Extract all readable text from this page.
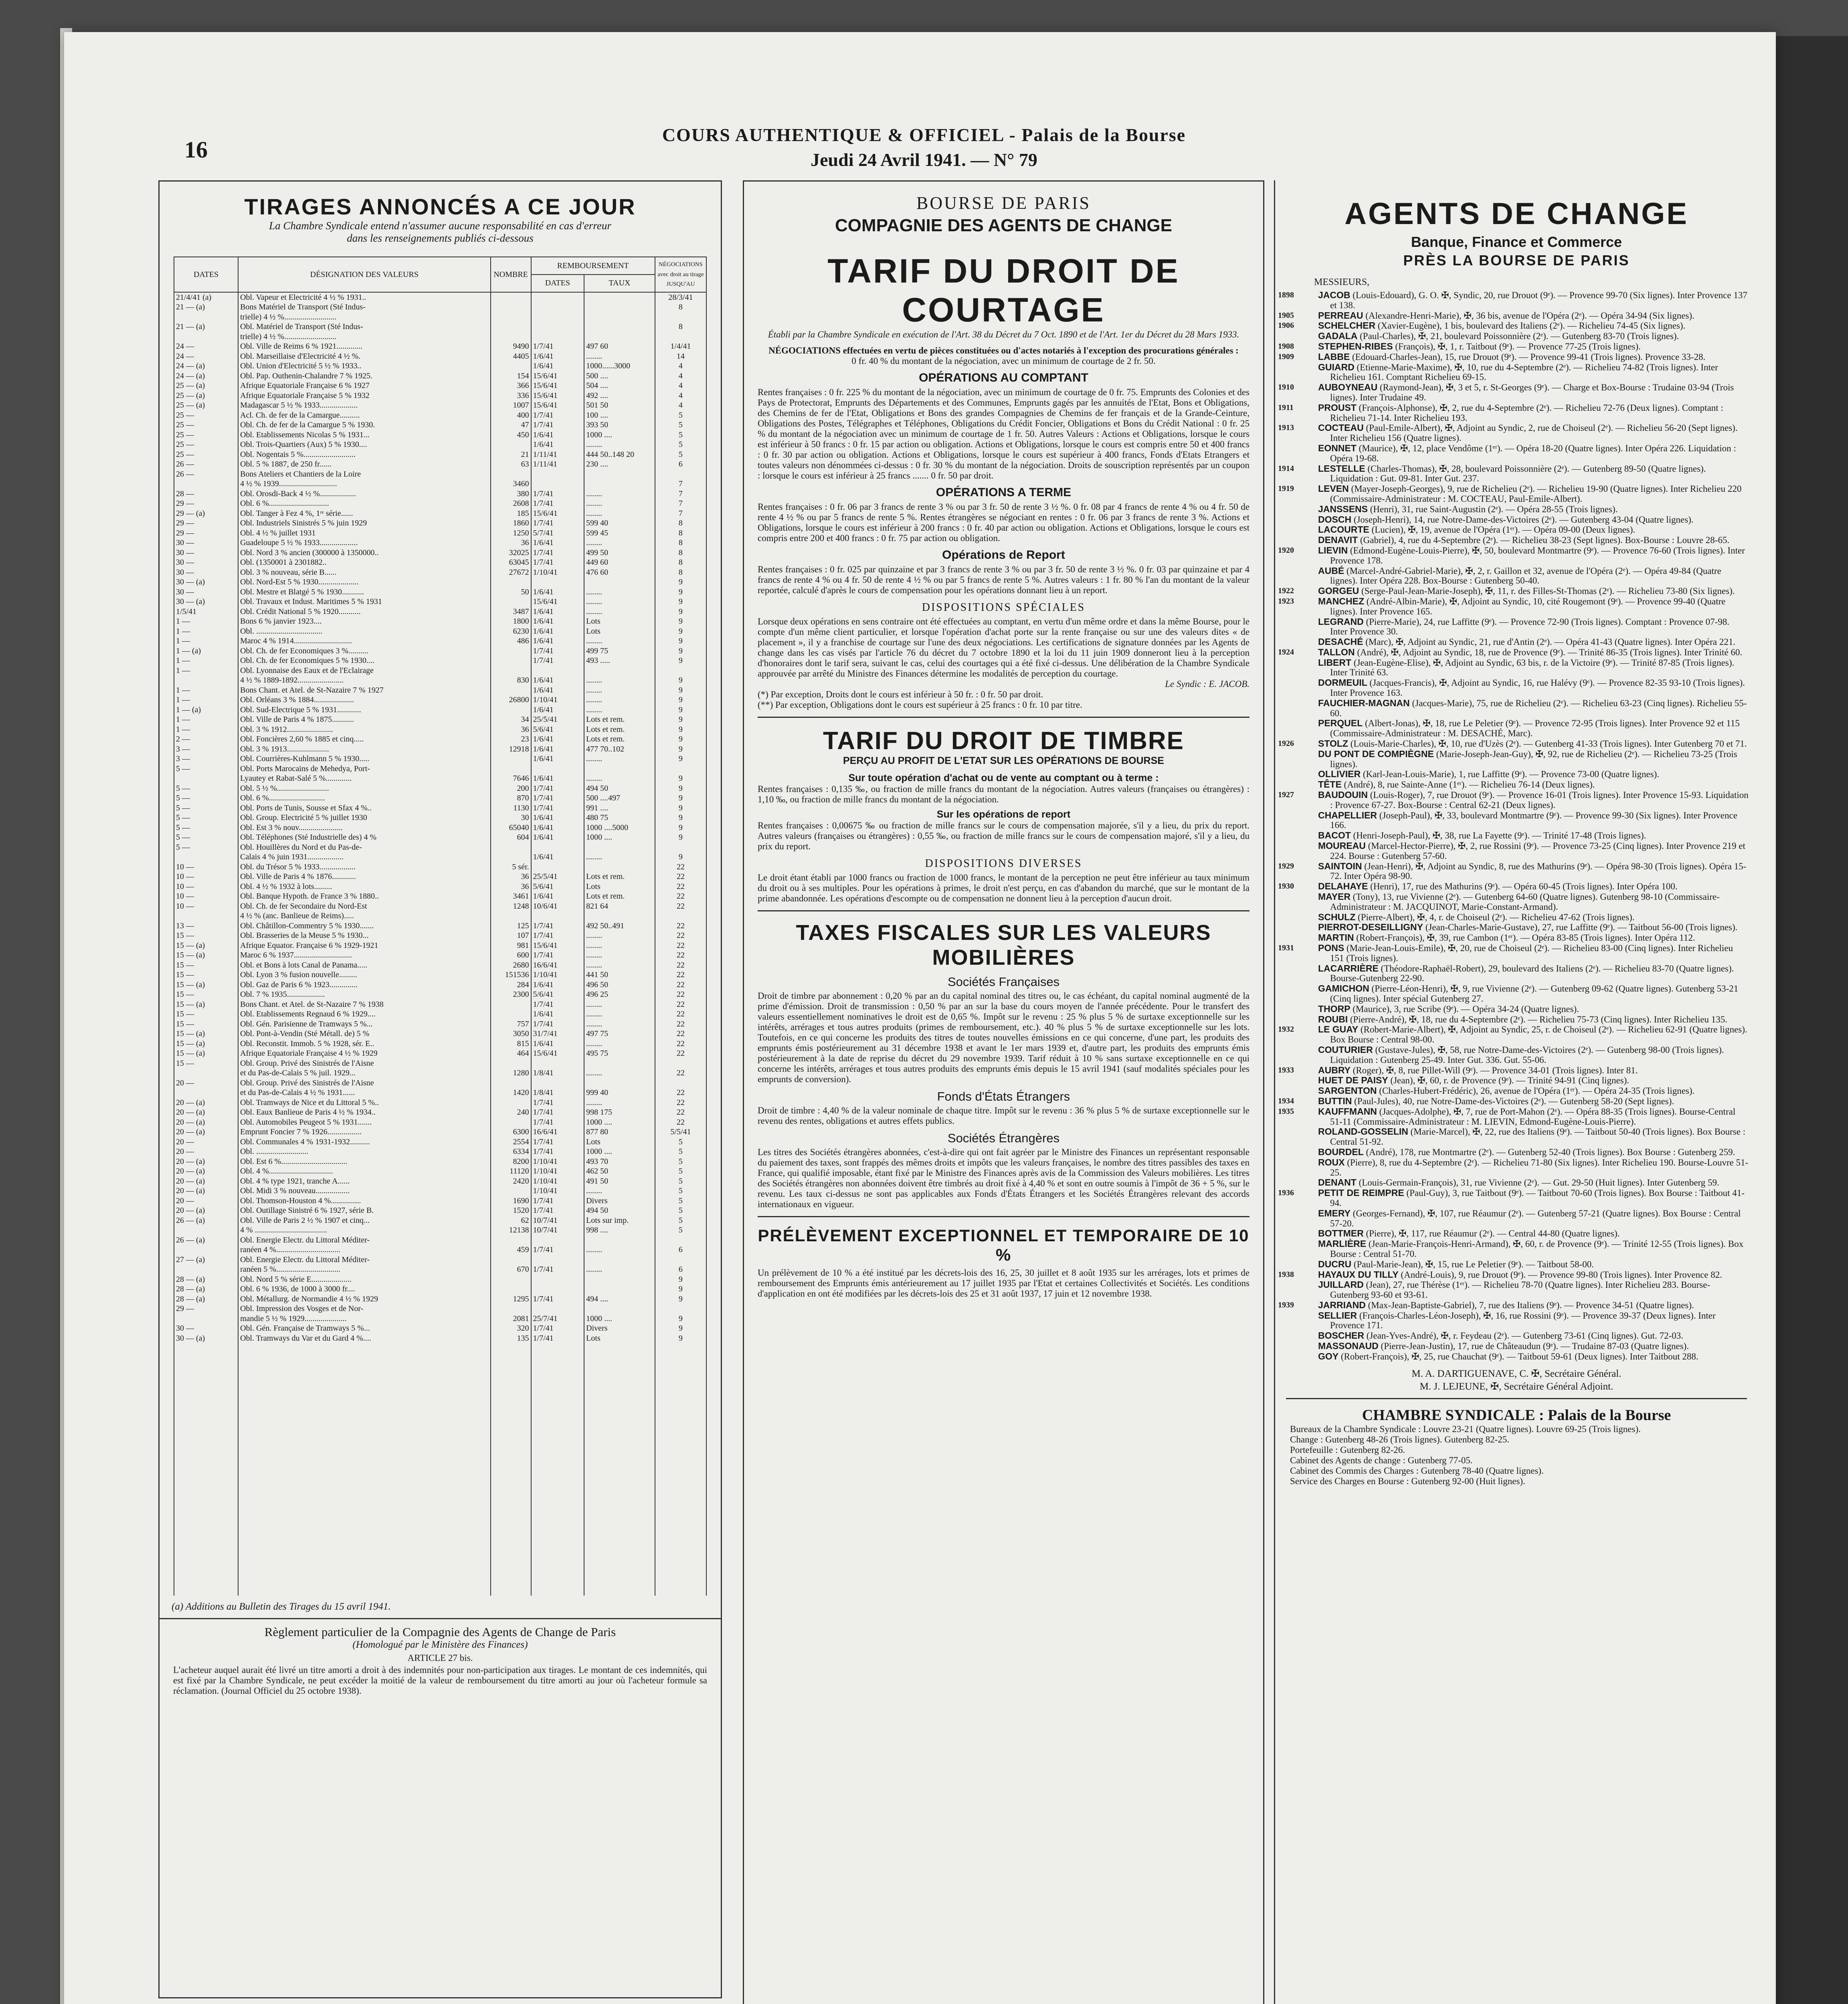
16
COURS AUTHENTIQUE & OFFICIEL - Palais de la Bourse
Jeudi 24 Avril 1941. — N° 79
TIRAGES ANNONCÉS A CE JOUR
La Chambre Syndicale entend n'assumer aucune responsabilité en cas d'erreur
dans les renseignements publiés ci-dessous
DATES	DÉSIGNATION DES VALEURS	NOMBRE	REMBOURSEMENT		NÉGOCIATIONS avec droit au tirage JUSQU'AU
			DATES	TAUX	
21/4/41 (a)	Obl. Vapeur et Electricité 4 ½ % 1931..				28/3/41
21 — (a)	Bons Matériel de Transport (Sté Indus-				8
	trielle) 4 ½ %..........................				
21 — (a)	Obl. Matériel de Transport (Sté Indus-				8
	trielle) 4 ½ %..........................				
24 —	Obl. Ville de Reims 6 % 1921.............	9490	1/7/41	497 60	1/4/41
24 —	Obl. Marseillaise d'Electricité 4 ½ %.	4405	1/6/41	........	14
24 — (a)	Obl. Union d'Electricité 5 ½ % 1933..		1/6/41	1000......3000	4
24 — (a)	Obl. Pap. Outhenin-Chalandre 7 % 1925.	154	15/6/41	500 ....	4
25 — (a)	Afrique Equatoriale Française 6 % 1927	366	15/6/41	504 ....	4
25 — (a)	Afrique Equatoriale Française 5 % 1932	336	15/6/41	492 ....	4
25 — (a)	Madagascar 5 ½ % 1933...................	1007	15/6/41	501 50	4
25 —	Acl. Ch. de fer de la Camargue..........	400	1/7/41	100 ....	5
25 —	Obl. Ch. de fer de la Camargue 5 % 1930.	47	1/7/41	393 50	5
25 —	Obl. Etablissements Nicolas 5 % 1931...	450	1/6/41	1000 ....	5
25 —	Obl. Trois-Quartiers (Aux) 5 % 1930....		1/6/41	........	5
25 —	Obl. Nogentais 5 %..........................	21	1/11/41	444 50..148 20	5
26 —	Obl. 5 % 1887, de 250 fr......	63	1/11/41	230 ....	6
26 —	Bons Ateliers et Chantiers de la Loire				
	4 ½ % 1939.............................	3460			7
28 —	Obl. Orosdi-Back 4 ½ %..................	380	1/7/41	........	7
29 —	Obl. 6 %..............................	2608	1/7/41	........	7
29 — (a)	Obl. Tanger à Fez 4 %, 1ʳᵉ série......	185	15/6/41	........	7
29 —	Obl. Industriels Sinistrés 5 % juin 1929	1860	1/7/41	599 40	8
29 —	Obl. 4 ½ % juillet 1931	1250	5/7/41	599 45	8
30 —	Guadeloupe 5 ½ % 1933...................	36	1/6/41	........	8
30 —	Obl. Nord 3 % ancien (300000 à 1350000..	32025	1/7/41	499 50	8
30 —	Obl. (1350001 à 2301882..	63045	1/7/41	449 60	8
30 —	Obl. 3 % nouveau, série B......	27672	1/10/41	476 60	8
30 — (a)	Obl. Nord-Est 5 % 1930....................				9
30 —	Obl. Mestre et Blatgé 5 % 1930...........	50	1/6/41	........	9
30 — (a)	Obl. Travaux et Indust. Maritimes 5 % 1931		15/6/41	........	9
1/5/41	Obl. Crédit National 5 % 1920...........	3487	1/6/41	........	9
1 —	Bons 6 % janvier 1923....	1800	1/6/41	Lots	9
1 —	Obl. .................................	6230	1/6/41	Lots	9
1 —	Maroc 4 % 1914.............................	486	1/6/41	........	9
1 — (a)	Obl. Ch. de fer Economiques 3 %..........		1/7/41	499 75	9
1 —	Obl. Ch. de fer Economiques 5 % 1930....		1/7/41	493 .....	9
1 —	Obl. Lyonnaise des Eaux et de l'Eclairage				
	4 ½ % 1889-1892.......................	830	1/6/41	........	9
1 —	Bons Chant. et Atel. de St-Nazaire 7 % 1927		1/6/41	........	9
1 —	Obl. Orléans 3 % 1884....................	26800	1/10/41	........	9
1 — (a)	Obl. Sud-Electrique 5 % 1931............		1/6/41	........	9
1 —	Obl. Ville de Paris 4 % 1875...........	34	25/5/41	Lots et rem.	9
1 —	Obl. 3 % 1912.......................	36	5/6/41	Lots et rem.	9
2 —	Obl. Foncières 2,60 % 1885 et cinq.....	23	1/6/41	Lots et rem.	9
3 —	Obl. 3 % 1913.....................	12918	1/6/41	477 70..102	9
3 —	Obl. Courrières-Kuhlmann 5 % 1930.....		1/6/41	........	9
5 —	Obl. Ports Marocains de Mehedya, Port-				
	Lyautey et Rabat-Salé 5 %.............	7646	1/6/41	........	9
5 —	Obl. 5 ½ %..........................	200	1/7/41	494 50	9
5 —	Obl. 6 %............................	870	1/7/41	500 ....497	9
5 —	Obl. Ports de Tunis, Sousse et Sfax 4 %..	1130	1/7/41	991 ....	9
5 —	Obl. Group. Electricité 5 % juillet 1930	30	1/6/41	480 75	9
5 —	Obl. Est 3 % nouv......................	65040	1/6/41	1000 ....5000	9
5 —	Obl. Téléphones (Sté Industrielle des) 4 %	604	1/6/41	1000 ....	9
5 —	Obl. Houillères du Nord et du Pas-de-				
	Calais 4 % juin 1931..................		1/6/41	........	9
10 —	Obl. du Trésor 5 % 1933..................	5 sér.			22
10 —	Obl. Ville de Paris 4 % 1876............	36	25/5/41	Lots et rem.	22
10 —	Obl. 4 ½ % 1932 à lots.........	36	5/6/41	Lots	22
10 —	Obl. Banque Hypoth. de France 3 % 1880..	3461	1/6/41	Lots et rem.	22
10 —	Obl. Ch. de fer Secondaire du Nord-Est	1248	10/6/41	821 64	22
	4 ½ % (anc. Banlieue de Reims).....				
13 —	Obl. Châtillon-Commentry 5 % 1930.......	125	1/7/41	492 50..491	22
15 —	Obl. Brasseries de la Meuse 5 % 1930...	107	1/7/41	........	22
15 — (a)	Afrique Equator. Française 6 % 1929-1921	981	15/6/41	........	22
15 — (a)	Maroc 6 % 1937.............................	600	1/7/41	........	22
15 —	Obl. et Bons à lots Canal de Panama.....	2680	16/6/41	........	22
15 —	Obl. Lyon 3 % fusion nouvelle.........	151536	1/10/41	441 50	22
15 — (a)	Obl. Gaz de Paris 6 % 1923..............	284	1/6/41	496 50	22
15 —	Obl. 7 % 1935...................	2300	5/6/41	496 25	22
15 — (a)	Bons Chant. et Atel. de St-Nazaire 7 % 1938		1/7/41	........	22
15 —	Obl. Etablissements Regnaud 6 % 1929....		1/6/41	........	22
15 —	Obl. Gén. Parisienne de Tramways 5 %...	757	1/7/41	........	22
15 — (a)	Obl. Pont-à-Vendin (Sté Métall. de) 5 %	3050	31/7/41	497 75	22
15 — (a)	Obl. Reconstit. Immob. 5 % 1928, sér. E..	815	1/6/41	........	22
15 — (a)	Afrique Equatoriale Française 4 ½ % 1929	464	15/6/41	495 75	22
15 —	Obl. Group. Privé des Sinistrés de l'Aisne				
	et du Pas-de-Calais 5 % juil. 1929...	1280	1/8/41	........	22
20 —	Obl. Group. Privé des Sinistrés de l'Aisne				
	et du Pas-de-Calais 4 ½ % 1931......	1420	1/8/41	999 40	22
20 — (a)	Obl. Tramways de Nice et du Littoral 5 %..		1/7/41	........	22
20 — (a)	Obl. Eaux Banlieue de Paris 4 ½ % 1934..	240	1/7/41	998 175	22
20 — (a)	Obl. Automobiles Peugeot 5 % 1931.......		1/7/41	1000 ....	22
20 — (a)	Emprunt Foncier 7 % 1926.................	6300	16/6/41	877 80	5/5/41
20 —	Obl. Communales 4 % 1931-1932..........	2554	1/7/41	Lots	5
20 —	Obl. ..........................	6334	1/7/41	1000 ....	5
20 — (a)	Obl. Est 6 %.................................	8200	1/10/41	493 70	5
20 — (a)	Obl. 4 %................................	11120	1/10/41	462 50	5
20 — (a)	Obl. 4 % type 1921, tranche A......	2420	1/10/41	491 50	5
20 — (a)	Obl. Midi 3 % nouveau.................		1/10/41	........	5
20 —	Obl. Thomson-Houston 4 %...............	1690	1/7/41	Divers	5
20 — (a)	Obl. Outillage Sinistré 6 % 1927, série B.	1520	1/7/41	494 50	5
26 — (a)	Obl. Ville de Paris 2 ½ % 1907 et cinq...	62	10/7/41	Lots sur imp.	5
	4 % ....................................	12138	10/7/41	998 ....	5
26 — (a)	Obl. Energie Electr. du Littoral Méditer-				
	ranéen 4 %................................	459	1/7/41	........	6
27 — (a)	Obl. Energie Electr. du Littoral Méditer-				
	ranéen 5 %................................	670	1/7/41	........	6
28 — (a)	Obl. Nord 5 % série E....................				9
28 — (a)	Obl. 6 % 1936, de 1000 à 3000 fr....				9
28 — (a)	Obl. Métallurg. de Normandie 4 ½ % 1929	1295	1/7/41	494 ....	9
29 —	Obl. Impression des Vosges et de Nor-				
	mandie 5 ½ % 1929.....................	2081	25/7/41	1000 ....	9
30 —	Obl. Gén. Française de Tramways 5 %...	320	1/7/41	Divers	9
30 — (a)	Obl. Tramways du Var et du Gard 4 %....	135	1/7/41	Lots	9

(a) Additions au Bulletin des Tirages du 15 avril 1941.
Règlement particulier de la Compagnie des Agents de Change de Paris
(Homologué par le Ministère des Finances)
ARTICLE 27 bis.
L'acheteur auquel aurait été livré un titre amorti a droit à des indemnités pour non-participation aux tirages. Le montant de ces indemnités, qui est fixé par la Chambre Syndicale, ne peut excéder la moitié de la valeur de remboursement du titre amorti au jour où l'acheteur formule sa réclamation. (Journal Officiel du 25 octobre 1938).
BOURSE DE PARIS
COMPAGNIE DES AGENTS DE CHANGE
TARIF DU DROIT DE COURTAGE
Établi par la Chambre Syndicale en exécution de l'Art. 38 du Décret du 7 Oct. 1890 et de l'Art. 1er du Décret du 28 Mars 1933.
NÉGOCIATIONS effectuées en vertu de pièces constituées ou d'actes notariés à l'exception des procurations générales :
0 fr. 40 % du montant de la négociation, avec un minimum de courtage de 2 fr. 50.
OPÉRATIONS AU COMPTANT
Rentes françaises : 0 fr. 225 % du montant de la négociation, avec un minimum de courtage de 0 fr. 75. Emprunts des Colonies et des Pays de Protectorat, Emprunts des Départements et des Communes, Emprunts gagés par les annuités de l'Etat, Bons et Obligations, des Chemins de fer de l'Etat, Obligations et Bons des grandes Compagnies de Chemins de fer français et de la Grande-Ceinture, Obligations des Postes, Télégraphes et Téléphones, Obligations du Crédit Foncier, Obligations et Bons du Crédit National : 0 fr. 25 % du montant de la négociation avec un minimum de courtage de 1 fr. 50. Autres Valeurs : Actions et Obligations, lorsque le cours est inférieur à 50 francs : 0 fr. 15 par action ou obligation. Actions et Obligations, lorsque le cours est compris entre 50 et 400 francs : 0 fr. 30 par action ou obligation. Actions et Obligations, lorsque le cours est supérieur à 400 francs, Fonds d'Etats Etrangers et toutes valeurs non dénommées ci-dessus : 0 fr. 30 % du montant de la négociation. Droits de souscription représentés par un coupon : lorsque le cours est inférieur à 25 francs ....... 0 fr. 50 par droit.
OPÉRATIONS A TERME
Rentes françaises : 0 fr. 06 par 3 francs de rente 3 % ou par 3 fr. 50 de rente 3 ½ %. 0 fr. 08 par 4 francs de rente 4 % ou 4 fr. 50 de rente 4 ½ % ou par 5 francs de rente 5 %. Rentes étrangères se négociant en rentes : 0 fr. 06 par 3 francs de rente 3 %. Actions et Obligations, lorsque le cours est inférieur à 200 francs : 0 fr. 40 par action ou obligation. Actions et Obligations, lorsque le cours est compris entre 200 et 400 francs : 0 fr. 75 par action ou obligation.
Opérations de Report
Rentes françaises : 0 fr. 025 par quinzaine et par 3 francs de rente 3 % ou par 3 fr. 50 de rente 3 ½ %. 0 fr. 03 par quinzaine et par 4 francs de rente 4 % ou 4 fr. 50 de rente 4 ½ % ou par 5 francs de rente 5 %. Autres valeurs : 1 fr. 80 % l'an du montant de la valeur reportée, calculé d'après le cours de compensation pour les opérations donnant lieu à un report.
DISPOSITIONS SPÉCIALES
Lorsque deux opérations en sens contraire ont été effectuées au comptant, en vertu d'un même ordre et dans la même Bourse, pour le compte d'un même client particulier, et lorsque l'opération d'achat porte sur la rente française ou sur une des valeurs dites « de placement », il y a franchise de courtage sur l'une des deux négociations. Les certifications de signature données par les Agents de change dans les cas visés par l'article 76 du décret du 7 octobre 1890 et la loi du 11 juin 1909 donneront lieu à la perception d'honoraires dont le tarif sera, suivant le cas, celui des courtages qui a été fixé ci-dessus. Une délibération de la Chambre Syndicale approuvée par arrêté du Ministre des Finances détermine les modalités de perception du courtage.
Le Syndic : E. JACOB.
(*) Par exception, Droits dont le cours est inférieur à 50 fr. : 0 fr. 50 par droit.
(**) Par exception, Obligations dont le cours est supérieur à 25 francs : 0 fr. 10 par titre.
TARIF DU DROIT DE TIMBRE
PERÇU AU PROFIT DE L'ETAT SUR LES OPÉRATIONS DE BOURSE
Sur toute opération d'achat ou de vente au comptant ou à terme :
Rentes françaises : 0,135 ‰, ou fraction de mille francs du montant de la négociation. Autres valeurs (françaises ou étrangères) : 1,10 ‰, ou fraction de mille francs du montant de la négociation.
Sur les opérations de report
Rentes françaises : 0,00675 ‰ ou fraction de mille francs sur le cours de compensation majorée, s'il y a lieu, du prix du report. Autres valeurs (françaises ou étrangères) : 0,55 ‰, ou fraction de mille francs sur le cours de compensation majoré, s'il y a lieu, du prix du report.
DISPOSITIONS DIVERSES
Le droit étant établi par 1000 francs ou fraction de 1000 francs, le montant de la perception ne peut être inférieur au taux minimum du droit ou à ses multiples. Pour les opérations à primes, le droit n'est perçu, en cas d'abandon du marché, que sur le montant de la prime abandonnée. Les opérations d'escompte ou de compensation ne donnent lieu à la perception d'aucun droit.
TAXES FISCALES SUR LES VALEURS MOBILIÈRES
Sociétés Françaises
Droit de timbre par abonnement : 0,20 % par an du capital nominal des titres ou, le cas échéant, du capital nominal augmenté de la prime d'émission. Droit de transmission : 0,50 % par an sur la base du cours moyen de l'année précédente. Pour le transfert des valeurs essentiellement nominatives le droit est de 0,65 %. Impôt sur le revenu : 25 % plus 5 % de surtaxe exceptionnelle sur les intérêts, arrérages et tous autres produits (primes de remboursement, etc.). 40 % plus 5 % de surtaxe exceptionnelle sur les lots. Toutefois, en ce qui concerne les produits des titres de toutes nouvelles émissions en ce qui concerne, d'une part, les produits des emprunts émis postérieurement au 31 décembre 1938 et avant le 1er mars 1939 et, d'autre part, les produits des emprunts émis postérieurement à la date de reprise du décret du 29 novembre 1939. Tarif réduit à 10 % sans surtaxe exceptionnelle en ce qui concerne les intérêts, arrérages et tous autres produits des emprunts émis depuis le 15 avril 1941 (sauf modalités spéciales pour les emprunts de conversion).
Fonds d'États Étrangers
Droit de timbre : 4,40 % de la valeur nominale de chaque titre. Impôt sur le revenu : 36 % plus 5 % de surtaxe exceptionnelle sur le revenu des rentes, obligations et autres effets publics.
Sociétés Étrangères
Les titres des Sociétés étrangères abonnées, c'est-à-dire qui ont fait agréer par le Ministre des Finances un représentant responsable du paiement des taxes, sont frappés des mêmes droits et impôts que les valeurs françaises, le nombre des titres passibles des taxes en France, qui qualifié imposable, étant fixé par le Ministre des Finances après avis de la Commission des Valeurs mobilières. Les titres des Sociétés étrangères non abonnées doivent être timbrés au droit fixé à 4,40 % et sont en outre soumis à l'impôt de 36 + 5 %, sur le revenu. Les taux ci-dessus ne sont pas applicables aux Fonds d'États Étrangers et les Sociétés Étrangères relevant des accords internationaux en vigueur.
PRÉLÈVEMENT EXCEPTIONNEL ET TEMPORAIRE DE 10 %
Un prélèvement de 10 % a été institué par les décrets-lois des 16, 25, 30 juillet et 8 août 1935 sur les arrérages, lots et primes de remboursement des Emprunts émis antérieurement au 17 juillet 1935 par l'Etat et certaines Collectivités et Sociétés. Les conditions d'application en ont été modifiées par les décrets-lois des 25 et 31 août 1937, 17 juin et 12 novembre 1938.
AGENTS DE CHANGE
Banque, Finance et Commerce
PRÈS LA BOURSE DE PARIS
MESSIEURS,
1898	JACOB (Louis-Edouard), G. O. ✠, Syndic, 20, rue Drouot (9ᵉ). — Provence 99-70 (Six lignes). Inter Provence 137 et 138.
1905	PERREAU (Alexandre-Henri-Marie), ✠, 36 bis, avenue de l'Opéra (2ᵉ). — Opéra 34-94 (Six lignes).
1906	SCHELCHER (Xavier-Eugène), 1 bis, boulevard des Italiens (2ᵉ). — Richelieu 74-45 (Six lignes).
GADALA (Paul-Charles), ✠, 21, boulevard Poissonnière (2ᵉ). — Gutenberg 83-70 (Trois lignes).
1908	STEPHEN-RIBES (François), ✠, 1, r. Taitbout (9ᵉ). — Provence 77-25 (Trois lignes).
1909	LABBE (Edouard-Charles-Jean), 15, rue Drouot (9ᵉ). — Provence 99-41 (Trois lignes). Provence 33-28.
GUIARD (Etienne-Marie-Maxime), ✠, 10, rue du 4-Septembre (2ᵉ). — Richelieu 74-82 (Trois lignes). Inter Richelieu 161. Comptant Richelieu 69-15.
1910	AUBOYNEAU (Raymond-Jean), ✠, 3 et 5, r. St-Georges (9ᵉ). — Charge et Box-Bourse : Trudaine 03-94 (Trois lignes). Inter Trudaine 49.
1911	PROUST (François-Alphonse), ✠, 2, rue du 4-Septembre (2ᵉ). — Richelieu 72-76 (Deux lignes). Comptant : Richelieu 71-14. Inter Richelieu 193.
1913	COCTEAU (Paul-Emile-Albert), ✠, Adjoint au Syndic, 2, rue de Choiseul (2ᵉ). — Richelieu 56-20 (Sept lignes). Inter Richelieu 156 (Quatre lignes).
EONNET (Maurice), ✠, 12, place Vendôme (1ᵉʳ). — Opéra 18-20 (Quatre lignes). Inter Opéra 226. Liquidation : Opéra 19-68.
1914	LESTELLE (Charles-Thomas), ✠, 28, boulevard Poissonnière (2ᵉ). — Gutenberg 89-50 (Quatre lignes). Liquidation : Gut. 09-81. Inter Gut. 237.
1919	LEVEN (Mayer-Joseph-Georges), 9, rue de Richelieu (2ᵉ). — Richelieu 19-90 (Quatre lignes). Inter Richelieu 220 (Commissaire-Administrateur : M. COCTEAU, Paul-Emile-Albert).
JANSSENS (Henri), 31, rue Saint-Augustin (2ᵉ). — Opéra 28-55 (Trois lignes).
DOSCH (Joseph-Henri), 14, rue Notre-Dame-des-Victoires (2ᵉ). — Gutenberg 43-04 (Quatre lignes).
LACOURTE (Lucien), ✠, 19, avenue de l'Opéra (1ᵉʳ). — Opéra 09-00 (Deux lignes).
DENAVIT (Gabriel), 4, rue du 4-Septembre (2ᵉ). — Richelieu 38-23 (Sept lignes). Box-Bourse : Louvre 28-65.
1920	LIEVIN (Edmond-Eugène-Louis-Pierre), ✠, 50, boulevard Montmartre (9ᵉ). — Provence 76-60 (Trois lignes). Inter Provence 178.
AUBÉ (Marcel-André-Gabriel-Marie), ✠, 2, r. Gaillon et 32, avenue de l'Opéra (2ᵉ). — Opéra 49-84 (Quatre lignes). Inter Opéra 228. Box-Bourse : Gutenberg 50-40.
1922	GORGEU (Serge-Paul-Jean-Marie-Joseph), ✠, 11, r. des Filles-St-Thomas (2ᵉ). — Richelieu 73-80 (Six lignes).
1923	MANCHEZ (André-Albin-Marie), ✠, Adjoint au Syndic, 10, cité Rougemont (9ᵉ). — Provence 99-40 (Quatre lignes). Inter Provence 165.
LEGRAND (Pierre-Marie), 24, rue Laffitte (9ᵉ). — Provence 72-90 (Trois lignes). Comptant : Provence 07-98. Inter Provence 30.
DESACHÉ (Marc), ✠, Adjoint au Syndic, 21, rue d'Antin (2ᵉ). — Opéra 41-43 (Quatre lignes). Inter Opéra 221.
1924	TALLON (André), ✠, Adjoint au Syndic, 18, rue de Provence (9ᵉ). — Trinité 86-35 (Trois lignes). Inter Trinité 60.
LIBERT (Jean-Eugène-Elise), ✠, Adjoint au Syndic, 63 bis, r. de la Victoire (9ᵉ). — Trinité 87-85 (Trois lignes). Inter Trinité 63.
DORMEUIL (Jacques-Francis), ✠, Adjoint au Syndic, 16, rue Halévy (9ᵉ). — Provence 82-35 93-10 (Trois lignes). Inter Provence 163.
FAUCHIER-MAGNAN (Jacques-Marie), 75, rue de Richelieu (2ᵉ). — Richelieu 63-23 (Cinq lignes). Richelieu 55-60.
PERQUEL (Albert-Jonas), ✠, 18, rue Le Peletier (9ᵉ). — Provence 72-95 (Trois lignes). Inter Provence 92 et 115 (Commissaire-Administrateur : M. DESACHÉ, Marc).
1926	STOLZ (Louis-Marie-Charles), ✠, 10, rue d'Uzès (2ᵉ). — Gutenberg 41-33 (Trois lignes). Inter Gutenberg 70 et 71.
DU PONT DE COMPIÈGNE (Marie-Joseph-Jean-Guy), ✠, 92, rue de Richelieu (2ᵉ). — Richelieu 73-25 (Trois lignes).
OLLIVIER (Karl-Jean-Louis-Marie), 1, rue Laffitte (9ᵉ). — Provence 73-00 (Quatre lignes).
TÊTE (André), 8, rue Sainte-Anne (1ᵉʳ). — Richelieu 76-14 (Deux lignes).
1927	BAUDOUIN (Louis-Roger), 7, rue Drouot (9ᵉ). — Provence 16-01 (Trois lignes). Inter Provence 15-93. Liquidation : Provence 67-27. Box-Bourse : Central 62-21 (Deux lignes).
CHAPELLIER (Joseph-Paul), ✠, 33, boulevard Montmartre (9ᵉ). — Provence 99-30 (Six lignes). Inter Provence 166.
BACOT (Henri-Joseph-Paul), ✠, 38, rue La Fayette (9ᵉ). — Trinité 17-48 (Trois lignes).
MOUREAU (Marcel-Hector-Pierre), ✠, 2, rue Rossini (9ᵉ). — Provence 73-25 (Cinq lignes). Inter Provence 219 et 224. Bourse : Gutenberg 57-60.
1929	SAINTOIN (Jean-Henri), ✠, Adjoint au Syndic, 8, rue des Mathurins (9ᵉ). — Opéra 98-30 (Trois lignes). Opéra 15-72. Inter Opéra 98-90.
1930	DELAHAYE (Henri), 17, rue des Mathurins (9ᵉ). — Opéra 60-45 (Trois lignes). Inter Opéra 100.
MAYER (Tony), 13, rue Vivienne (2ᵉ). — Gutenberg 64-60 (Quatre lignes). Gutenberg 98-10 (Commissaire-Administrateur : M. JACQUINOT, Marie-Constant-Armand).
SCHULZ (Pierre-Albert), ✠, 4, r. de Choiseul (2ᵉ). — Richelieu 47-62 (Trois lignes).
PIERROT-DESEILLIGNY (Jean-Charles-Marie-Gustave), 27, rue Laffitte (9ᵉ). — Taitbout 56-00 (Trois lignes).
MARTIN (Robert-François), ✠, 39, rue Cambon (1ᵉʳ). — Opéra 83-85 (Trois lignes). Inter Opéra 112.
1931	PONS (Marie-Jean-Louis-Emile), ✠, 20, rue de Choiseul (2ᵉ). — Richelieu 83-00 (Cinq lignes). Inter Richelieu 151 (Trois lignes).
LACARRIÈRE (Théodore-Raphaël-Robert), 29, boulevard des Italiens (2ᵉ). — Richelieu 83-70 (Quatre lignes). Bourse-Gutenberg 22-90.
GAMICHON (Pierre-Léon-Henri), ✠, 9, rue Vivienne (2ᵉ). — Gutenberg 09-62 (Quatre lignes). Gutenberg 53-21 (Cinq lignes). Inter spécial Gutenberg 27.
THORP (Maurice), 3, rue Scribe (9ᵉ). — Opéra 34-24 (Quatre lignes).
ROUBI (Pierre-André), ✠, 18, rue du 4-Septembre (2ᵉ). — Richelieu 75-73 (Cinq lignes). Inter Richelieu 135.
1932	LE GUAY (Robert-Marie-Albert), ✠, Adjoint au Syndic, 25, r. de Choiseul (2ᵉ). — Richelieu 62-91 (Quatre lignes). Box Bourse : Central 98-00.
COUTURIER (Gustave-Jules), ✠, 58, rue Notre-Dame-des-Victoires (2ᵉ). — Gutenberg 98-00 (Trois lignes). Liquidation : Gutenberg 25-49. Inter Gut. 336. Gut. 55-06.
1933	AUBRY (Roger), ✠, 8, rue Pillet-Will (9ᵉ). — Provence 34-01 (Trois lignes). Inter 81.
HUET DE PAISY (Jean), ✠, 60, r. de Provence (9ᵉ). — Trinité 94-91 (Cinq lignes).
SARGENTON (Charles-Hubert-Frédéric), 26, avenue de l'Opéra (1ᵉʳ). — Opéra 24-35 (Trois lignes).
1934	BUTTIN (Paul-Jules), 40, rue Notre-Dame-des-Victoires (2ᵉ). — Gutenberg 58-20 (Sept lignes).
1935	KAUFFMANN (Jacques-Adolphe), ✠, 7, rue de Port-Mahon (2ᵉ). — Opéra 88-35 (Trois lignes). Bourse-Central 51-11 (Commissaire-Administrateur : M. LIEVIN, Edmond-Eugène-Louis-Pierre).
ROLAND-GOSSELIN (Marie-Marcel), ✠, 22, rue des Italiens (9ᵉ). — Taitbout 50-40 (Trois lignes). Box Bourse : Central 51-92.
BOURDEL (André), 178, rue Montmartre (2ᵉ). — Gutenberg 52-40 (Trois lignes). Box Bourse : Gutenberg 259.
ROUX (Pierre), 8, rue du 4-Septembre (2ᵉ). — Richelieu 71-80 (Six lignes). Inter Richelieu 190. Bourse-Louvre 51-25.
DENANT (Louis-Germain-François), 31, rue Vivienne (2ᵉ). — Gut. 29-50 (Huit lignes). Inter Gutenberg 59.
1936	PETIT DE REIMPRE (Paul-Guy), 3, rue Taitbout (9ᵉ). — Taitbout 70-60 (Trois lignes). Box Bourse : Taitbout 41-94.
EMERY (Georges-Fernand), ✠, 107, rue Réaumur (2ᵉ). — Gutenberg 57-21 (Quatre lignes). Box Bourse : Central 57-20.
BOTTMER (Pierre), ✠, 117, rue Réaumur (2ᵉ). — Central 44-80 (Quatre lignes).
MARLIÈRE (Jean-Marie-François-Henri-Armand), ✠, 60, r. de Provence (9ᵉ). — Trinité 12-55 (Trois lignes). Box Bourse : Central 51-70.
DUCRU (Paul-Marie-Jean), ✠, 15, rue Le Peletier (9ᵉ). — Taitbout 58-00.
1938	HAYAUX DU TILLY (André-Louis), 9, rue Drouot (9ᵉ). — Provence 99-80 (Trois lignes). Inter Provence 82.
JUILLARD (Jean), 27, rue Thérèse (1ᵉʳ). — Richelieu 78-70 (Quatre lignes). Inter Richelieu 283. Bourse-Gutenberg 93-60 et 93-61.
1939	JARRIAND (Max-Jean-Baptiste-Gabriel), 7, rue des Italiens (9ᵉ). — Provence 34-51 (Quatre lignes).
SELLIER (François-Charles-Léon-Joseph), ✠, 16, rue Rossini (9ᵉ). — Provence 39-37 (Deux lignes). Inter Provence 171.
BOSCHER (Jean-Yves-André), ✠, r. Feydeau (2ᵉ). — Gutenberg 73-61 (Cinq lignes). Gut. 72-03.
MASSONAUD (Pierre-Jean-Justin), 17, rue de Châteaudun (9ᵉ). — Trudaine 87-03 (Quatre lignes).
GOY (Robert-François), ✠, 25, rue Chauchat (9ᵉ). — Taitbout 59-61 (Deux lignes). Inter Taitbout 288.
M. A. DARTIGUENAVE, C. ✠, Secrétaire Général.
M. J. LEJEUNE, ✠, Secrétaire Général Adjoint.
CHAMBRE SYNDICALE : Palais de la Bourse
Bureaux de la Chambre Syndicale : Louvre 23-21 (Quatre lignes). Louvre 69-25 (Trois lignes).
Change : Gutenberg 48-26 (Trois lignes). Gutenberg 82-25.
Portefeuille : Gutenberg 82-26.
Cabinet des Agents de change : Gutenberg 77-05.
Cabinet des Commis des Charges : Gutenberg 78-40 (Quatre lignes).
Service des Charges en Bourse : Gutenberg 92-00 (Huit lignes).
